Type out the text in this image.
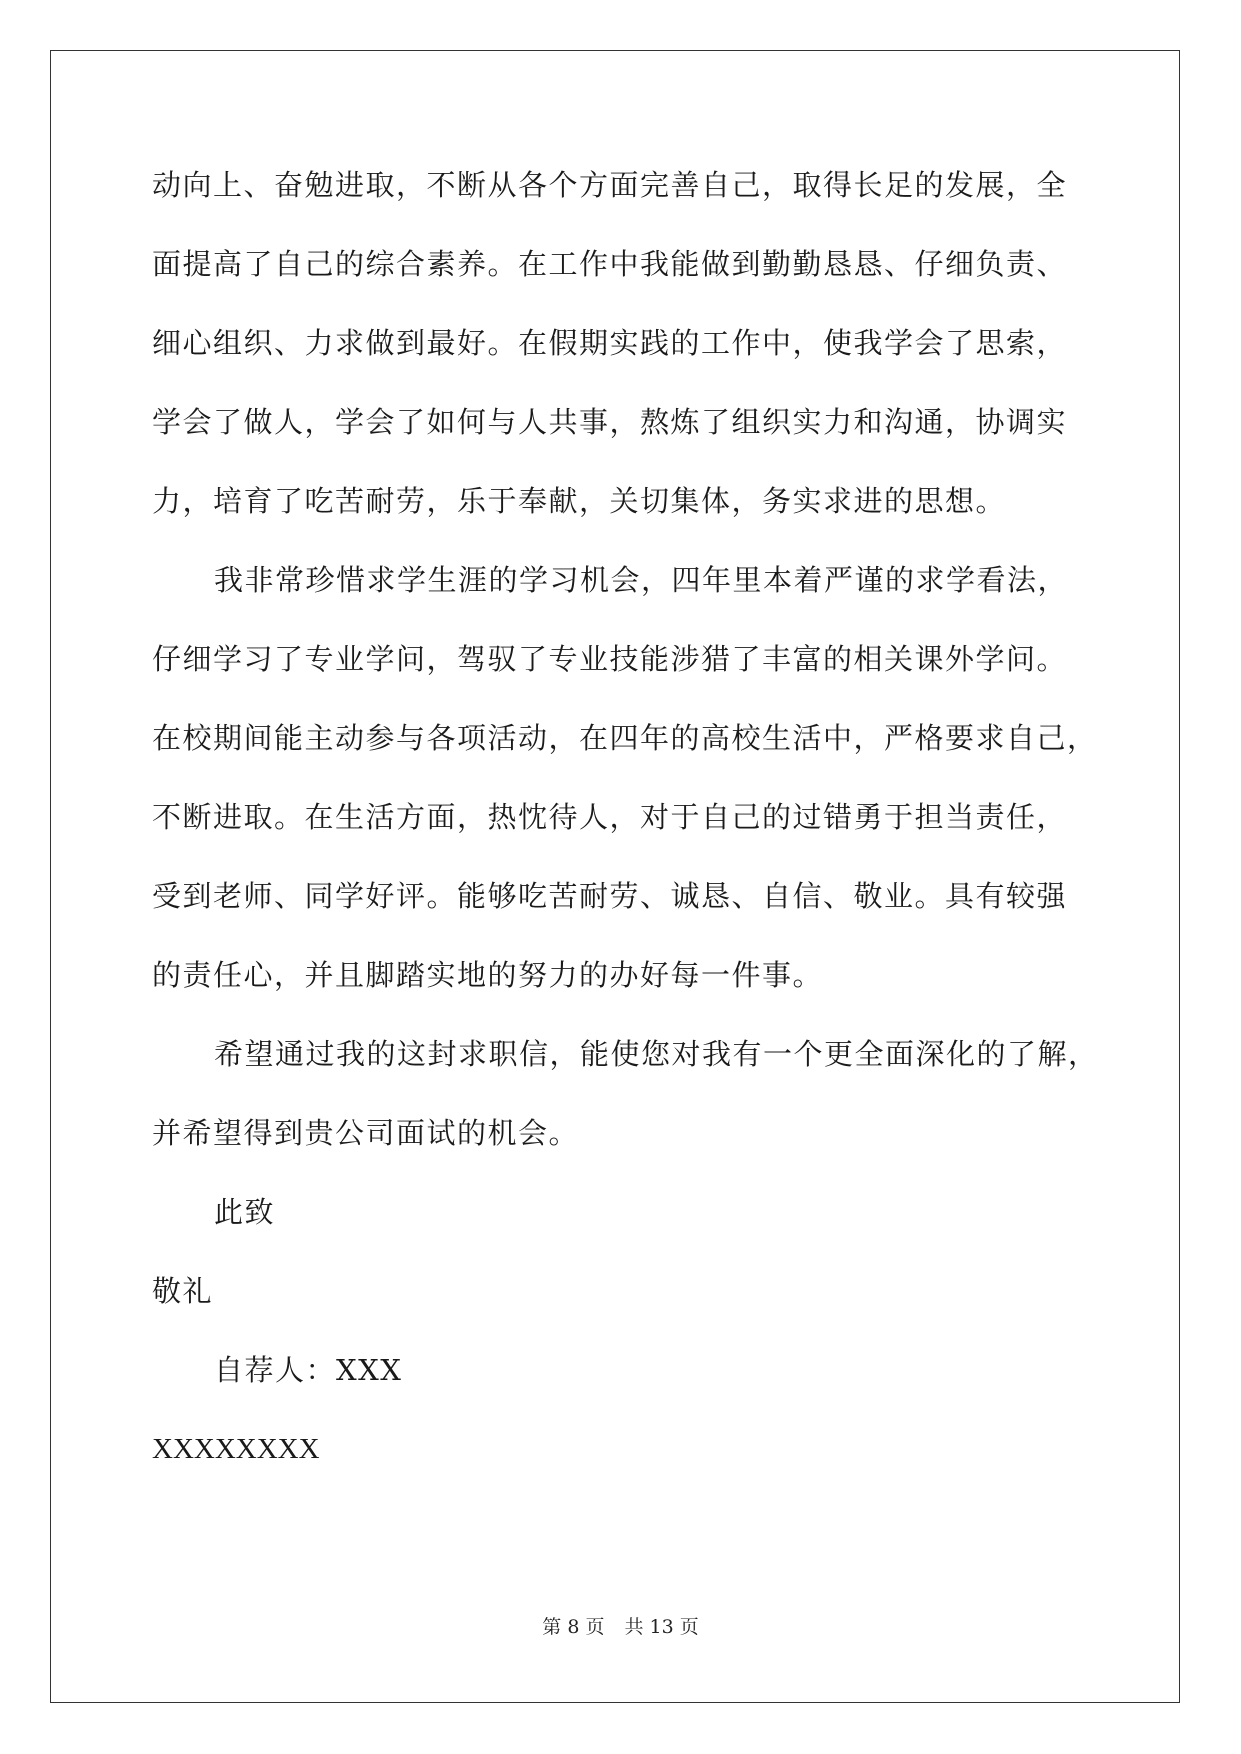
动向上、奋勉进取，不断从各个方面完善自己，取得长足的发展，全
面提高了自己的综合素养。在工作中我能做到勤勤恳恳、仔细负责、
细心组织、力求做到最好。在假期实践的工作中，使我学会了思索，
学会了做人，学会了如何与人共事，熬炼了组织实力和沟通，协调实
力，培育了吃苦耐劳，乐于奉献，关切集体，务实求进的思想。
我非常珍惜求学生涯的学习机会，四年里本着严谨的求学看法，
仔细学习了专业学问，驾驭了专业技能涉猎了丰富的相关课外学问。
在校期间能主动参与各项活动，在四年的高校生活中，严格要求自己，
不断进取。在生活方面，热忱待人，对于自己的过错勇于担当责任，
受到老师、同学好评。能够吃苦耐劳、诚恳、自信、敬业。具有较强
的责任心，并且脚踏实地的努力的办好每一件事。
希望通过我的这封求职信，能使您对我有一个更全面深化的了解，
并希望得到贵公司面试的机会。
此致
敬礼
自荐人：XXX
XXXXXXXX
第 8 页 共 13 页
